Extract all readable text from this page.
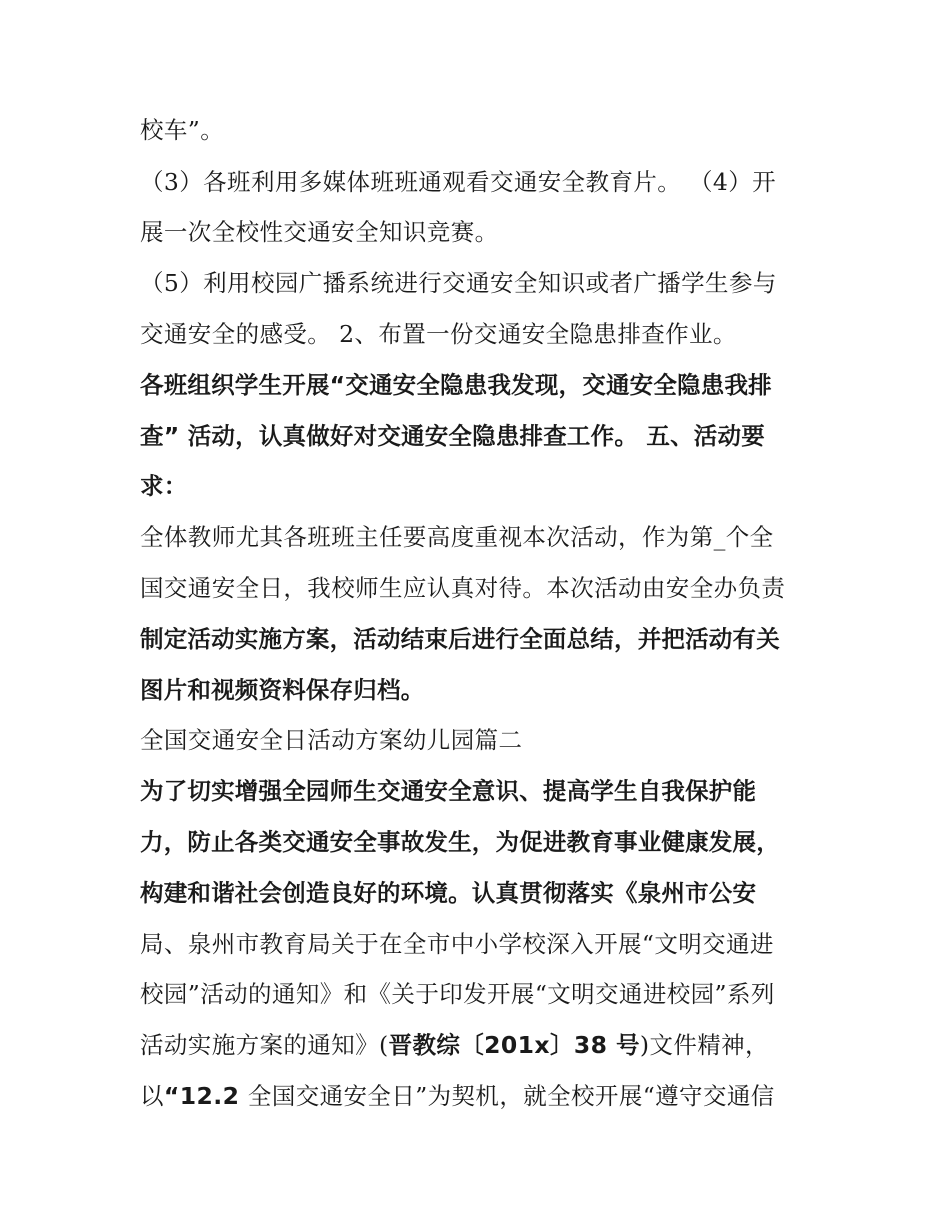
校车”。
（3）各班利用多媒体班班通观看交通安全教育片。 （4）开
展一次全校性交通安全知识竞赛。
（5）利用校园广播系统进行交通安全知识或者广播学生参与
交通安全的感受。 2、布置一份交通安全隐患排查作业。
各班组织学生开展“交通安全隐患我发现，交通安全隐患我排
查” 活动，认真做好对交通安全隐患排查工作。 五、活动要
求：
全体教师尤其各班班主任要高度重视本次活动，作为第_个全
国交通安全日，我校师生应认真对待。本次活动由安全办负责
制定活动实施方案，活动结束后进行全面总结，并把活动有关
图片和视频资料保存归档。
全国交通安全日活动方案幼儿园篇二
为了切实增强全园师生交通安全意识、提高学生自我保护能
力，防止各类交通安全事故发生，为促进教育事业健康发展，
构建和谐社会创造良好的环境。认真贯彻落实《泉州市公安
局、泉州市教育局关于在全市中小学校深入开展“文明交通进
校园”活动的通知》和《关于印发开展“文明交通进校园”系列
活动实施方案的通知》(晋教综〔201x〕38 号)文件精神，
以“12.2 全国交通安全日”为契机，就全校开展“遵守交通信
